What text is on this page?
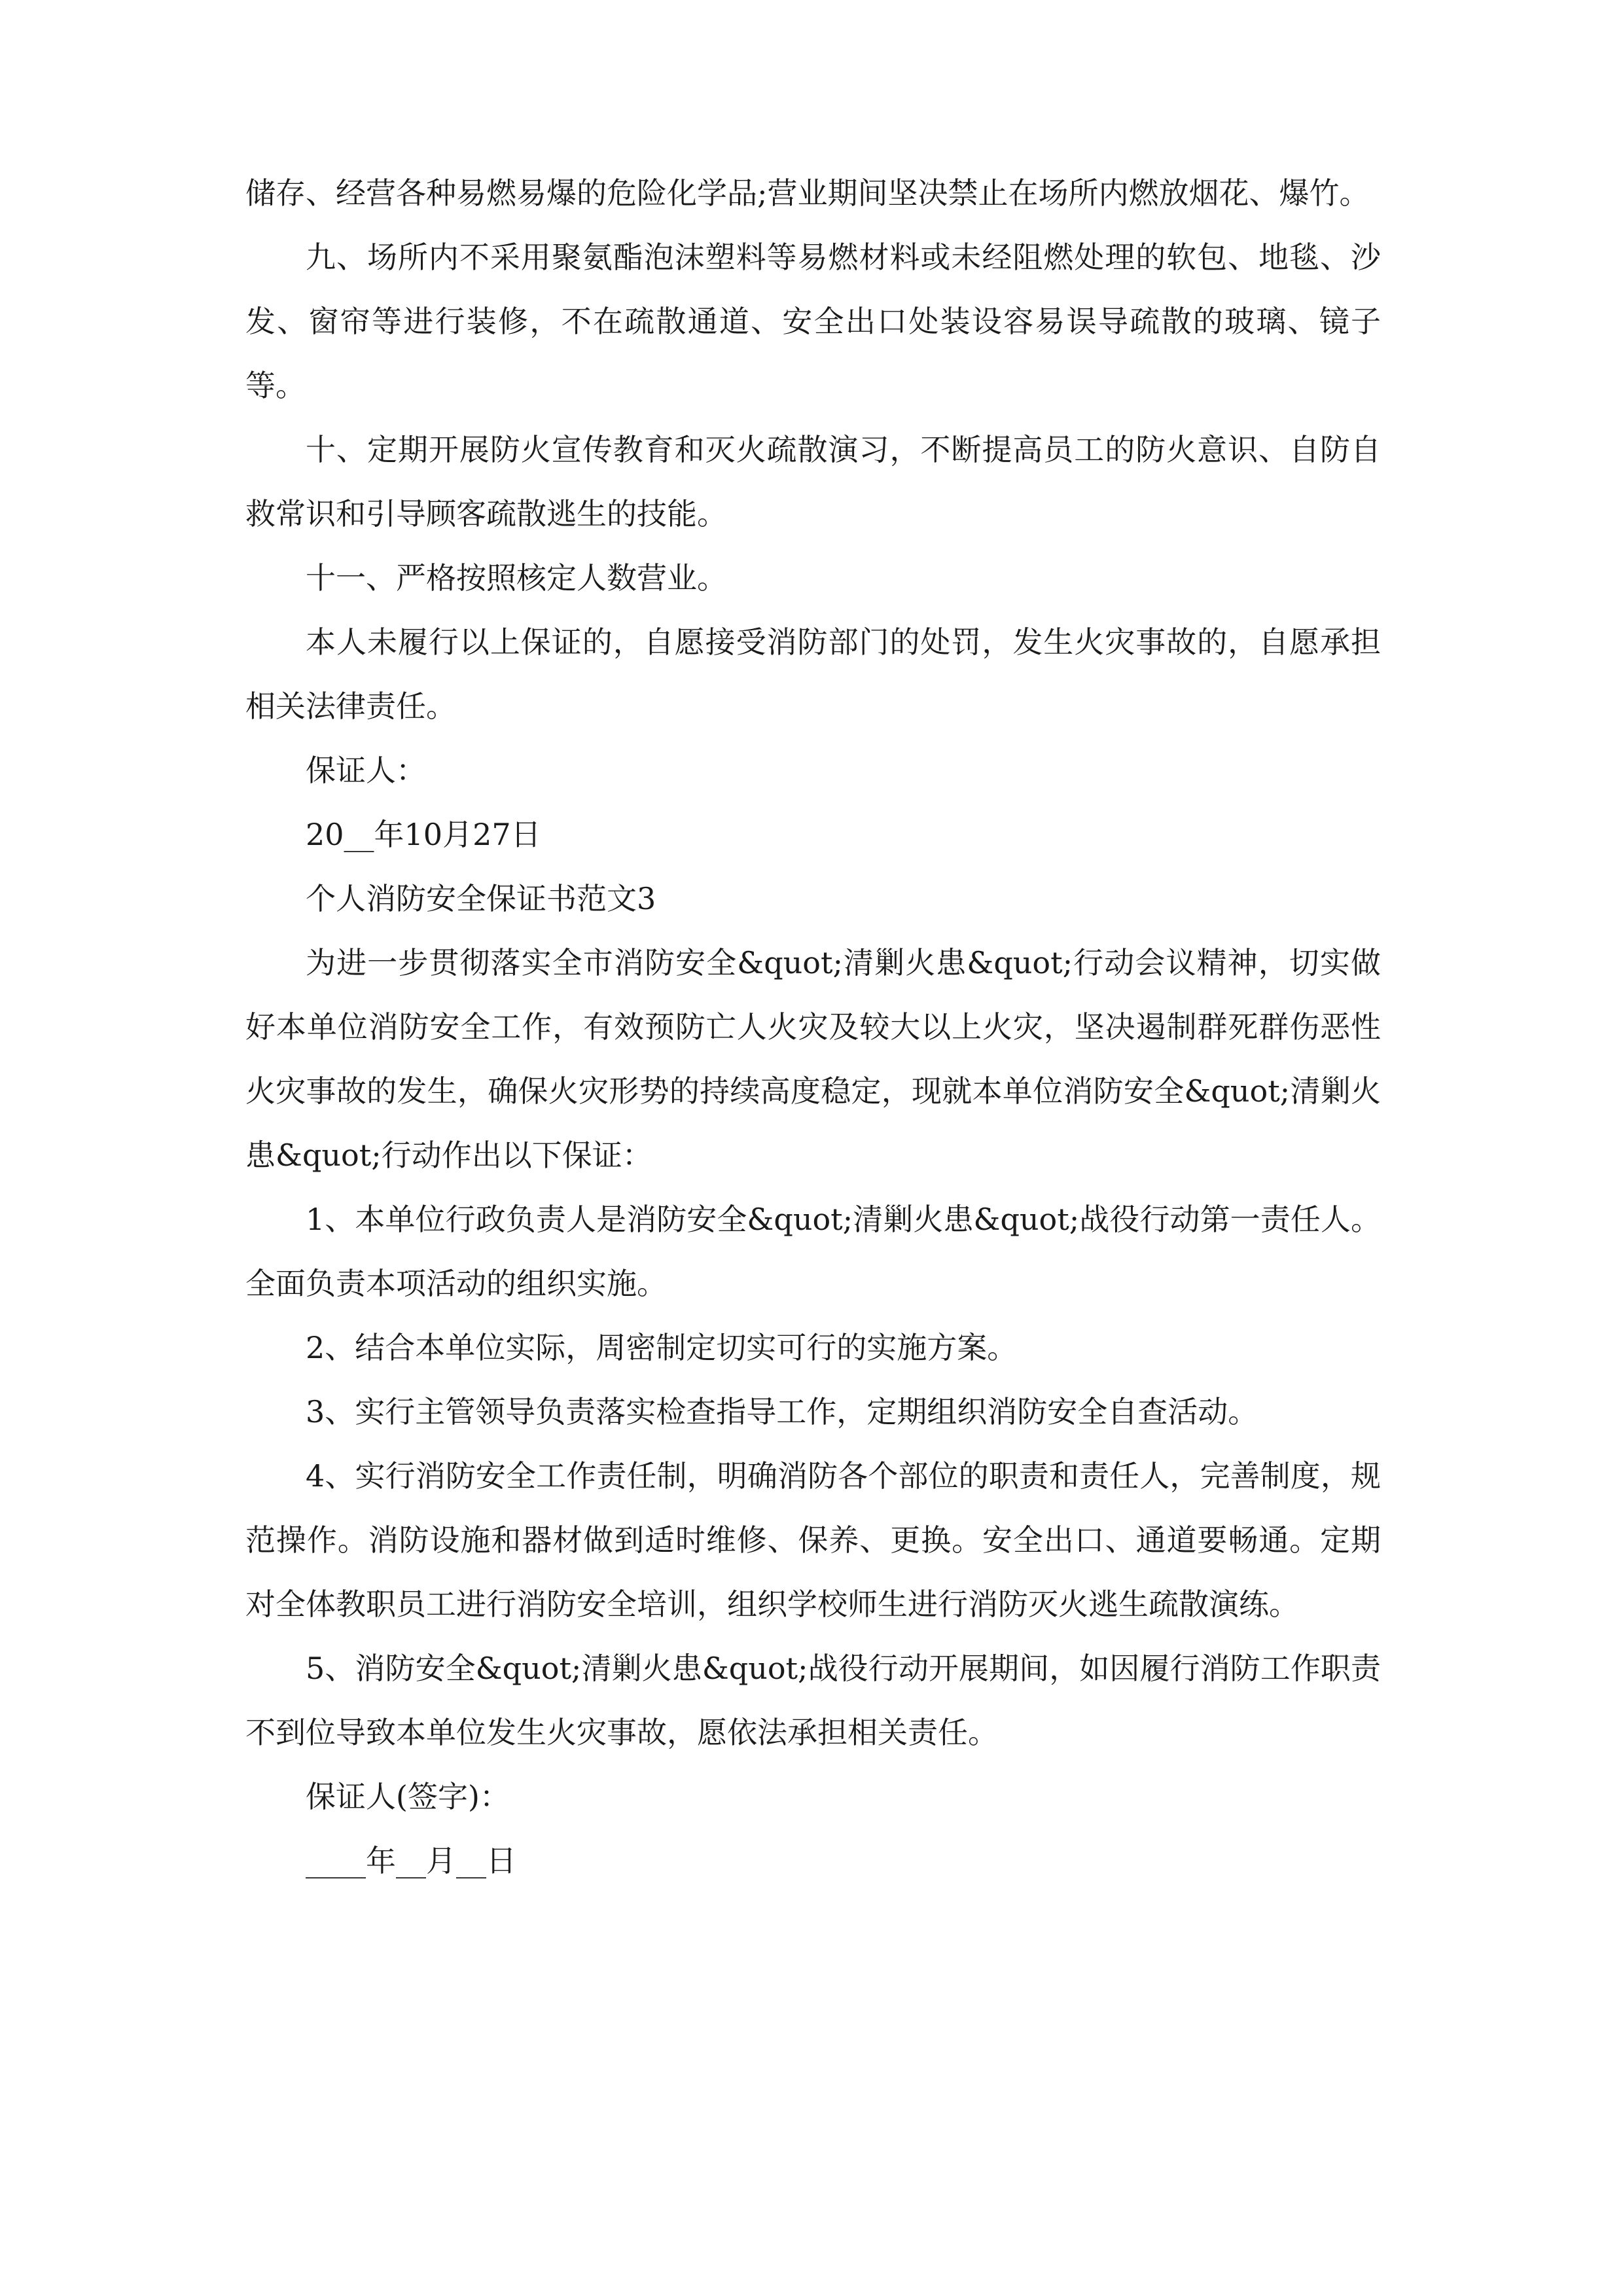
储存、经营各种易燃易爆的危险化学品;营业期间坚决禁止在场所内燃放烟花、爆竹。

九、场所内不采用聚氨酯泡沫塑料等易燃材料或未经阻燃处理的软包、地毯、沙发、窗帘等进行装修，不在疏散通道、安全出口处装设容易误导疏散的玻璃、镜子等。

十、定期开展防火宣传教育和灭火疏散演习，不断提高员工的防火意识、自防自救常识和引导顾客疏散逃生的技能。

十一、严格按照核定人数营业。

本人未履行以上保证的，自愿接受消防部门的处罚，发生火灾事故的，自愿承担相关法律责任。

保证人：

20__年10月27日

个人消防安全保证书范文3

为进一步贯彻落实全市消防安全&quot;清剿火患&quot;行动会议精神，切实做好本单位消防安全工作，有效预防亡人火灾及较大以上火灾，坚决遏制群死群伤恶性火灾事故的发生，确保火灾形势的持续高度稳定，现就本单位消防安全&quot;清剿火患&quot;行动作出以下保证：

1、本单位行政负责人是消防安全&quot;清剿火患&quot;战役行动第一责任人。全面负责本项活动的组织实施。

2、结合本单位实际，周密制定切实可行的实施方案。

3、实行主管领导负责落实检查指导工作，定期组织消防安全自查活动。

4、实行消防安全工作责任制，明确消防各个部位的职责和责任人，完善制度，规范操作。消防设施和器材做到适时维修、保养、更换。安全出口、通道要畅通。定期对全体教职员工进行消防安全培训，组织学校师生进行消防灭火逃生疏散演练。

5、消防安全&quot;清剿火患&quot;战役行动开展期间，如因履行消防工作职责不到位导致本单位发生火灾事故，愿依法承担相关责任。

保证人(签字)：

____年__月__日
